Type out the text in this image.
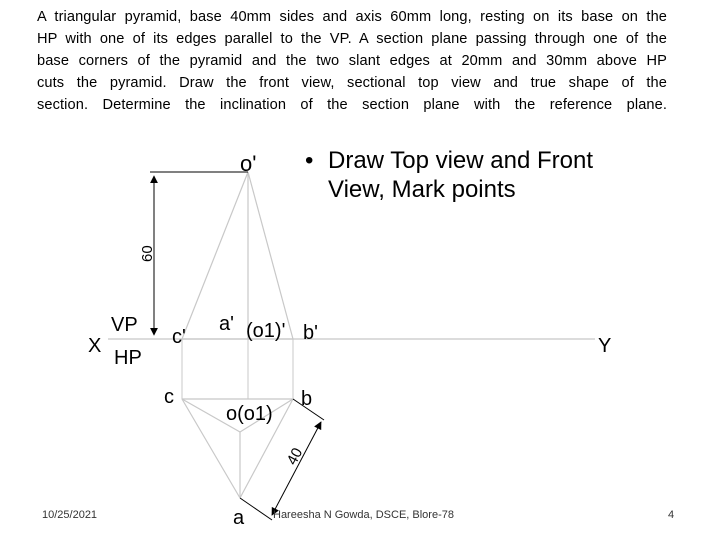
A triangular pyramid, base 40mm sides and axis 60mm long, resting on its base on the
HP with one of its edges parallel to the VP. A section plane passing through one of the
base corners of the pyramid and the two slant edges at 20mm and 30mm above HP
cuts the pyramid. Draw the front view, sectional top view and true shape of the
section. Determine the inclination of the section plane with the reference plane.
• Draw Top view and Front
View, Mark points
o'
60
VP
X
HP
c'
a' (o1)' b'
Y
c
o(o1)
b
40
a
10/25/2021	Hareesha N Gowda, DSCE, Blore-78	4
